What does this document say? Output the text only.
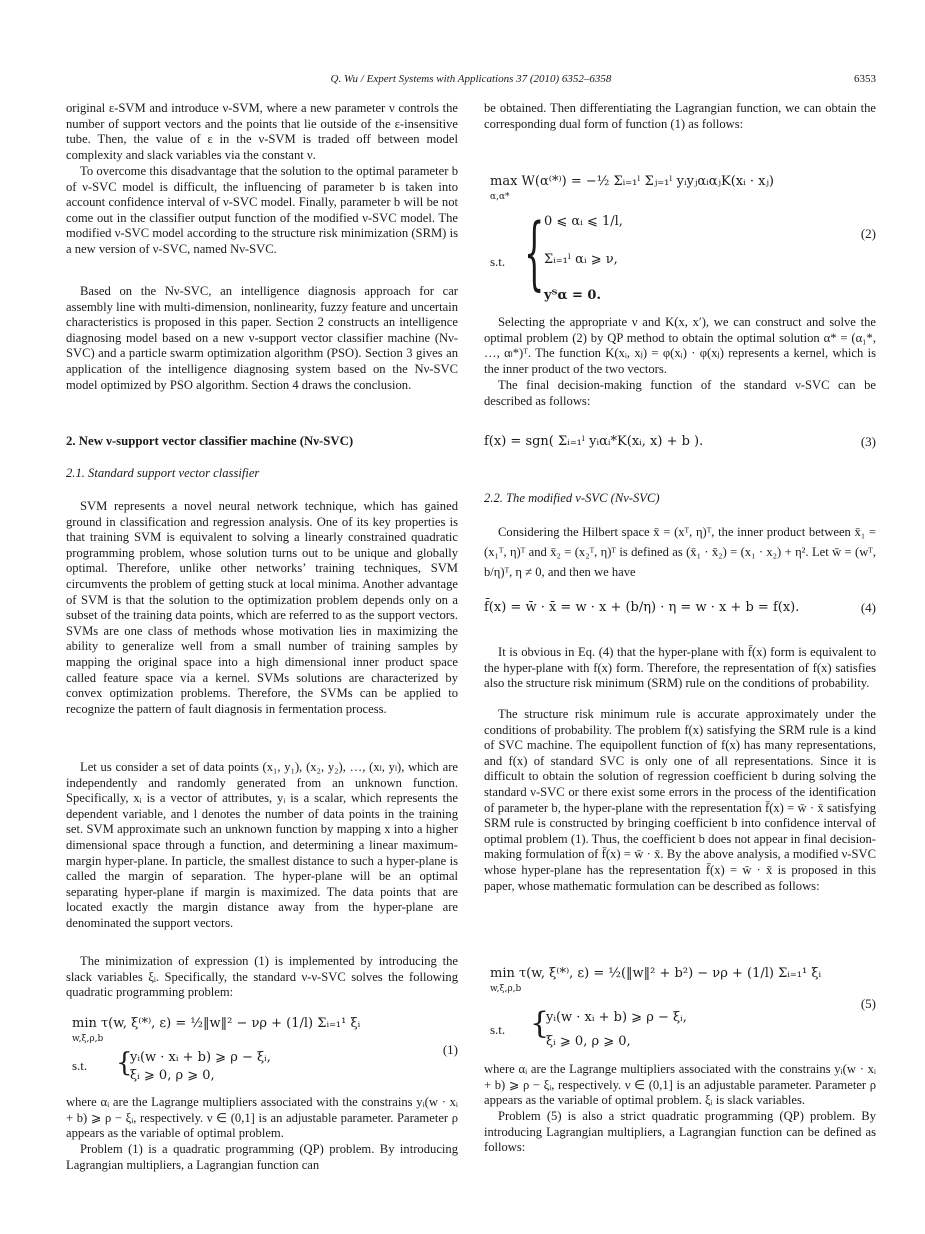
Q. Wu / Expert Systems with Applications 37 (2010) 6352–6358	6353
original ε-SVM and introduce ν-SVM, where a new parameter ν controls the number of support vectors and the points that lie outside of the ε-insensitive tube. Then, the value of ε in the ν-SVM is traded off between model complexity and slack variables via the constant ν.
To overcome this disadvantage that the solution to the optimal parameter b of ν-SVC model is difficult, the influencing of parameter b is taken into account confidence interval of ν-SVC model. Finally, parameter b will be not come out in the classifier output function of the modified ν-SVC model. The modified ν-SVC model according to the structure risk minimization (SRM) is a new version of ν-SVC, named Nν-SVC.
Based on the Nν-SVC, an intelligence diagnosis approach for car assembly line with multi-dimension, nonlinearity, fuzzy feature and uncertain characteristics is proposed in this paper. Section 2 constructs an intelligence diagnosing model based on a new ν-support vector classifier machine (Nν-SVC) and a particle swarm optimization algorithm (PSO). Section 3 gives an application of the intelligence diagnosing system based on the Nν-SVC model optimized by PSO algorithm. Section 4 draws the conclusion.
2. New ν-support vector classifier machine (Nν-SVC)
2.1. Standard support vector classifier
SVM represents a novel neural network technique, which has gained ground in classification and regression analysis. One of its key properties is that training SVM is equivalent to solving a linearly constrained quadratic programming problem, whose solution turns out to be unique and globally optimal. Therefore, unlike other networks’ training techniques, SVM circumvents the problem of getting stuck at local minima. Another advantage of SVM is that the solution to the optimization problem depends only on a subset of the training data points, which are referred to as the support vectors. SVMs are one class of methods whose motivation lies in maximizing the ability to generalize well from a small number of training samples by mapping the original space into a high dimensional inner product space called feature space via a kernel. SVMs solutions are characterized by convex optimization problems. Therefore, the SVMs can be applied to recognize the pattern of fault diagnosis in fermentation process.
Let us consider a set of data points (x₁, y₁), (x₂, y₂), …, (xₗ, yₗ), which are independently and randomly generated from an unknown function. Specifically, xᵢ is a vector of attributes, yᵢ is a scalar, which represents the dependent variable, and l denotes the number of data points in the training set. SVM approximate such an unknown function by mapping x into a higher dimensional space through a function, and determining a linear maximum-margin hyper-plane. In particle, the smallest distance to such a hyper-plane is called the margin of separation. The hyper-plane will be an optimal separating hyper-plane if margin is maximized. The data points that are located exactly the margin distance away from the hyper-plane are denominated the support vectors.
The minimization of expression (1) is implemented by introducing the slack variables ξᵢ. Specifically, the standard ν-ν-SVC solves the following quadratic programming problem:
min τ(w, ξ⁽*⁾, ε) = ½‖w‖² − νρ + (1/l) Σᵢ₌₁¹ ξᵢ
w,ξ,ρ,b
s.t. {
yᵢ(w · xᵢ + b) ⩾ ρ − ξᵢ,
ξᵢ ⩾ 0, ρ ⩾ 0,
(1)
where αᵢ are the Lagrange multipliers associated with the constrains yᵢ(w · xᵢ + b) ⩾ ρ − ξᵢ, respectively. ν ∈ (0,1] is an adjustable parameter. Parameter ρ appears as the variable of optimal problem.
Problem (1) is a quadratic programming (QP) problem. By introducing Lagrangian multipliers, a Lagrangian function can
be obtained. Then differentiating the Lagrangian function, we can obtain the corresponding dual form of function (1) as follows:
max W(α⁽*⁾) = −½ Σᵢ₌₁ˡ Σⱼ₌₁ˡ yᵢyⱼαᵢαⱼK(xᵢ · xⱼ)
α,α*
s.t. { 0 ⩽ αᵢ ⩽ 1/l,
Σᵢ₌₁ˡ αᵢ ⩾ ν,
yᵀα = 0.
(2)
Selecting the appropriate ν and K(x, x′), we can construct and solve the optimal problem (2) by QP method to obtain the optimal solution α* = (α₁*, …, αₗ*)ᵀ. The function K(xᵢ, xⱼ) = φ(xᵢ) · φ(xⱼ) represents a kernel, which is the inner product of the two vectors.
The final decision-making function of the standard ν-SVC can be described as follows:
f(x) = sgn( Σᵢ₌₁ˡ yᵢαᵢ*K(xᵢ, x) + b ).	(3)
2.2. The modified ν-SVC (Nν-SVC)
Considering the Hilbert space x̄ = (xᵀ, η)ᵀ, the inner product between x̄₁ = (x₁ᵀ, η)ᵀ and x̄₂ = (x₂ᵀ, η)ᵀ is defined as (x̄₁ · x̄₂) = (x₁ · x₂) + η². Let w̄ = (wᵀ, b/η)ᵀ, η ≠ 0, and then we have
f̄(x) = w̄ · x̄ = w · x + (b/η) · η = w · x + b = f(x).	(4)
It is obvious in Eq. (4) that the hyper-plane with f̄(x) form is equivalent to the hyper-plane with f(x) form. Therefore, the representation of f(x) satisfies also the structure risk minimum (SRM) rule on the conditions of probability.
The structure risk minimum rule is accurate approximately under the conditions of probability. The problem f(x) satisfying the SRM rule is a kind of SVC machine. The equipollent function of f(x) has many representations, and f(x) of standard SVC is only one of all representations. Since it is difficult to obtain the solution of regression coefficient b during solving the standard ν-SVC or there exist some errors in the process of the identification of parameter b, the hyper-plane with the representation f̄(x) = w̄ · x̄ satisfying SRM rule is constructed by bringing coefficient b into confidence interval of optimal problem (1). Thus, the coefficient b does not appear in final decision-making formulation of f̄(x) = w̄ · x̄. By the above analysis, a modified ν-SVC whose hyper-plane has the representation f̄(x) = w̄ · x̄ is proposed in this paper, whose mathematic formulation can be described as follows:
min τ(w, ξ⁽*⁾, ε) = ½(‖w‖² + b²) − νρ + (1/l) Σᵢ₌₁¹ ξᵢ
w,ξ,ρ,b
s.t. {
yᵢ(w · xᵢ + b) ⩾ ρ − ξᵢ,
ξᵢ ⩾ 0, ρ ⩾ 0,
(5)
where αᵢ are the Lagrange multipliers associated with the constrains yᵢ(w · xᵢ + b) ⩾ ρ − ξᵢ, respectively. ν ∈ (0,1] is an adjustable parameter. Parameter ρ appears as the variable of optimal problem. ξᵢ is slack variables.
Problem (5) is also a strict quadratic programming (QP) problem. By introducing Lagrangian multipliers, a Lagrangian function can be defined as follows:
